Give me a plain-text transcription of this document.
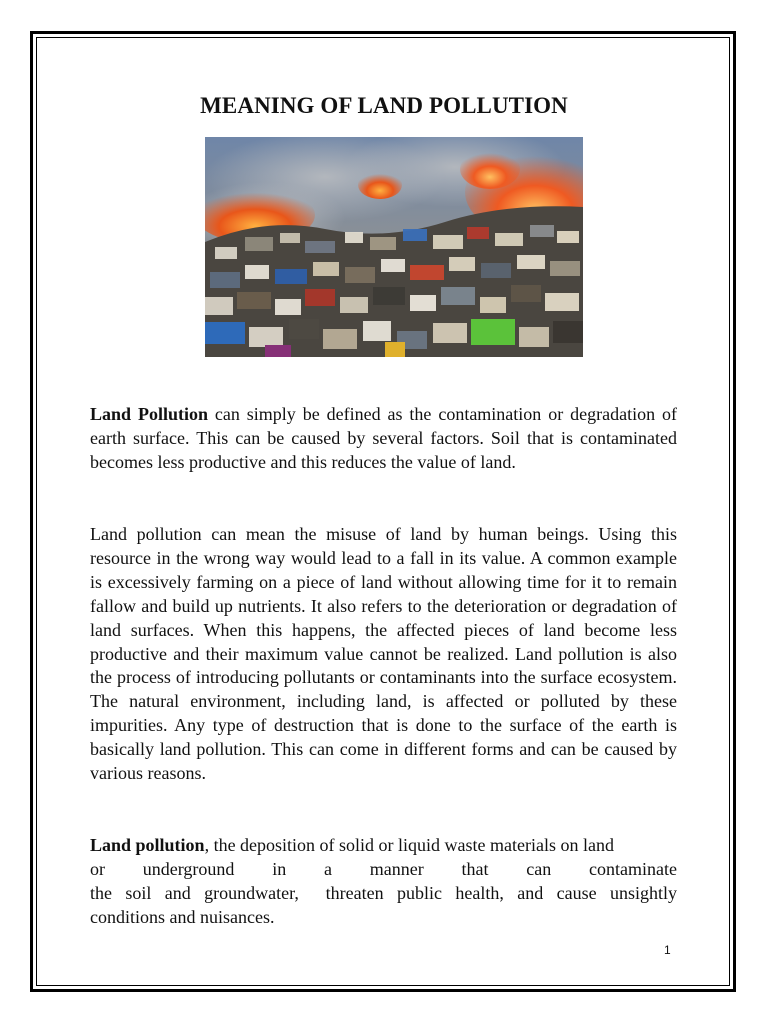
MEANING OF LAND POLLUTION

Land Pollution can simply be defined as the contamination or degradation of earth surface. This can be caused by several factors. Soil that is contaminated becomes less productive and this reduces the value of land.

Land pollution can mean the misuse of land by human beings. Using this resource in the wrong way would lead to a fall in its value. A common example is excessively farming on a piece of land without allowing time for it to remain fallow and build up nutrients. It also refers to the deterioration or degradation of land surfaces. When this happens, the affected pieces of land become less productive and their maximum value cannot be realized. Land pollution is also the process of introducing pollutants or contaminants into the surface ecosystem. The natural environment, including land, is affected or polluted by these impurities. Any type of destruction that is done to the surface of the earth is basically land pollution. This can come in different forms and can be caused by various reasons.

Land pollution, the deposition of solid or liquid waste materials on land
or underground in a manner that can contaminate
the soil and groundwater,  threaten public health, and cause unsightly
conditions and nuisances.

1
